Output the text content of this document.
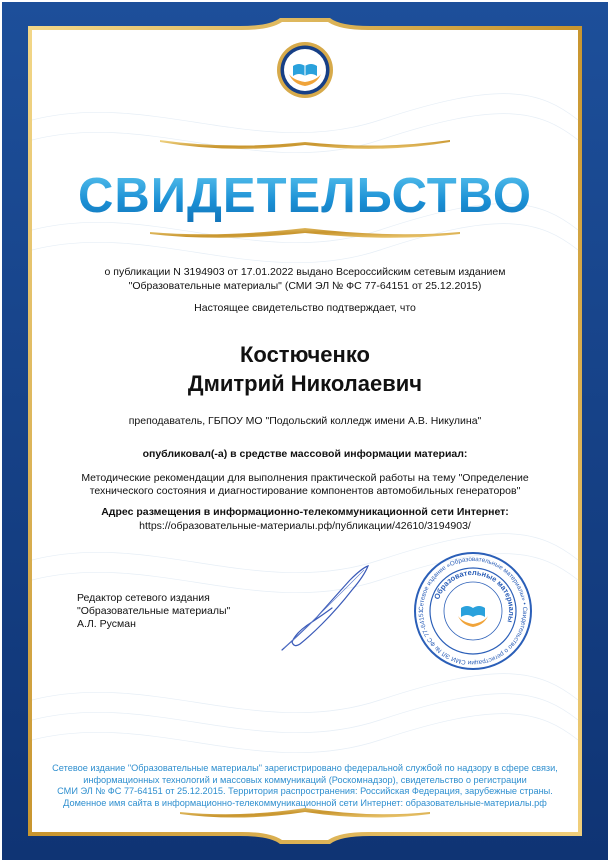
СВИДЕТЕЛЬСТВО
о публикации N 3194903 от 17.01.2022 выдано Всероссийским сетевым изданием
"Образовательные материалы" (СМИ ЭЛ № ФС 77-64151 от 25.12.2015)
Настоящее свидетельство подтверждает, что
Костюченко
Дмитрий Николаевич
преподаватель, ГБПОУ МО "Подольский колледж имени А.В. Никулина"
опубликовал(-а) в средстве массовой информации материал:
Методические рекомендации для выполнения практической работы на тему "Определение
технического состояния и диагностирование компонентов автомобильных генераторов"
Адрес размещения в информационно-телекоммуникационной сети Интернет:
https://образовательные-материалы.рф/публикации/42610/3194903/
Редактор сетевого издания
"Образовательные материалы"
А.Л. Русман
Сетевое издание «Образовательные материалы» • Свидетельство о регистрации СМИ ЭЛ № ФС 77-64151
Образовательные материалы
Сетевое издание "Образовательные материалы" зарегистрировано федеральной службой по надзору в сфере связи,
информационных технологий и массовых коммуникаций (Роскомнадзор), свидетельство о регистрации
СМИ ЭЛ № ФС 77-64151 от 25.12.2015. Территория распространения: Российская Федерация, зарубежные страны.
Доменное имя сайта в информационно-телекоммуникационной сети Интернет: образовательные-материалы.рф
